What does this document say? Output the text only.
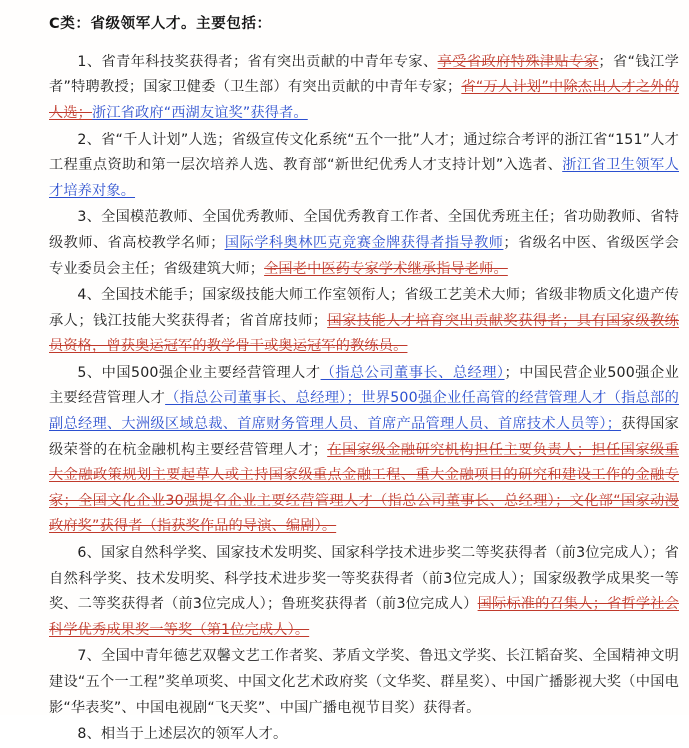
C类：省级领军人才。主要包括：

1、省青年科技奖获得者；省有突出贡献的中青年专家、享受省政府特殊津贴专家；省“钱江学者”特聘教授；国家卫健委（卫生部）有突出贡献的中青年专家；省“万人计划”中除杰出人才之外的人选；浙江省政府“西湖友谊奖”获得者。

2、省“千人计划”人选；省级宣传文化系统“五个一批”人才；通过综合考评的浙江省“151”人才工程重点资助和第一层次培养人选、教育部“新世纪优秀人才支持计划”入选者、浙江省卫生领军人才培养对象。

3、全国模范教师、全国优秀教师、全国优秀教育工作者、全国优秀班主任；省功勋教师、省特级教师、省高校教学名师；国际学科奥林匹克竞赛金牌获得者指导教师；省级名中医、省级医学会专业委员会主任；省级建筑大师；全国老中医药专家学术继承指导老师。

4、全国技术能手；国家级技能大师工作室领衔人；省级工艺美术大师；省级非物质文化遗产传承人；钱江技能大奖获得者；省首席技师；国家技能人才培育突出贡献奖获得者；具有国家级教练员资格，曾获奥运冠军的教学骨干或奥运冠军的教练员。

5、中国500强企业主要经营管理人才（指总公司董事长、总经理）；中国民营企业500强企业主要经营管理人才（指总公司董事长、总经理）；世界500强企业任高管的经营管理人才（指总部的副总经理、大洲级区域总裁、首席财务管理人员、首席产品管理人员、首席技术人员等）；获得国家级荣誉的在杭金融机构主要经营管理人才；在国家级金融研究机构担任主要负责人；担任国家级重大金融政策规划主要起草人或主持国家级重点金融工程、重大金融项目的研究和建设工作的金融专家；全国文化企业30强提名企业主要经营管理人才（指总公司董事长、总经理）；文化部“国家动漫政府奖”获得者（指获奖作品的导演、编剧）。

6、国家自然科学奖、国家技术发明奖、国家科学技术进步奖二等奖获得者（前3位完成人）；省自然科学奖、技术发明奖、科学技术进步奖一等奖获得者（前3位完成人）；国家级教学成果奖一等奖、二等奖获得者（前3位完成人）；鲁班奖获得者（前3位完成人）国际标准的召集人；省哲学社会科学优秀成果奖一等奖（第1位完成人）。

7、全国中青年德艺双馨文艺工作者奖、茅盾文学奖、鲁迅文学奖、长江韬奋奖、全国精神文明建设“五个一工程”奖单项奖、中国文化艺术政府奖（文华奖、群星奖）、中国广播影视大奖（中国电影“华表奖”、中国电视剧“飞天奖”、中国广播电视节目奖）获得者。

8、相当于上述层次的领军人才。
